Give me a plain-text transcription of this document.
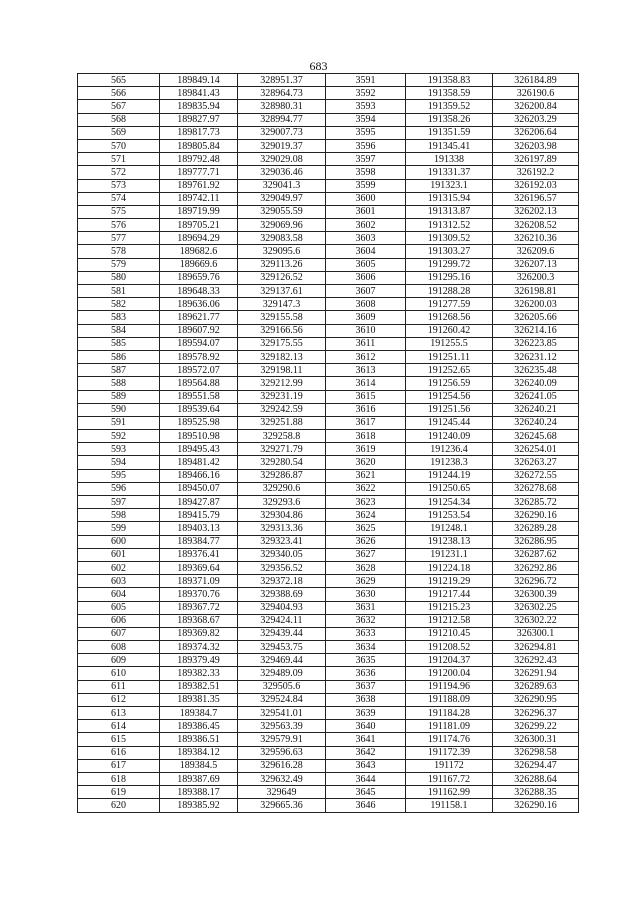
683
565	189849.14	328951.37	3591	191358.83	326184.89
566	189841.43	328964.73	3592	191358.59	326190.6
567	189835.94	328980.31	3593	191359.52	326200.84
568	189827.97	328994.77	3594	191358.26	326203.29
569	189817.73	329007.73	3595	191351.59	326206.64
570	189805.84	329019.37	3596	191345.41	326203.98
571	189792.48	329029.08	3597	191338	326197.89
572	189777.71	329036.46	3598	191331.37	326192.2
573	189761.92	329041.3	3599	191323.1	326192.03
574	189742.11	329049.97	3600	191315.94	326196.57
575	189719.99	329055.59	3601	191313.87	326202.13
576	189705.21	329069.96	3602	191312.52	326208.52
577	189694.29	329083.58	3603	191309.52	326210.36
578	189682.6	329095.6	3604	191303.27	326209.6
579	189669.6	329113.26	3605	191299.72	326207.13
580	189659.76	329126.52	3606	191295.16	326200.3
581	189648.33	329137.61	3607	191288.28	326198.81
582	189636.06	329147.3	3608	191277.59	326200.03
583	189621.77	329155.58	3609	191268.56	326205.66
584	189607.92	329166.56	3610	191260.42	326214.16
585	189594.07	329175.55	3611	191255.5	326223.85
586	189578.92	329182.13	3612	191251.11	326231.12
587	189572.07	329198.11	3613	191252.65	326235.48
588	189564.88	329212.99	3614	191256.59	326240.09
589	189551.58	329231.19	3615	191254.56	326241.05
590	189539.64	329242.59	3616	191251.56	326240.21
591	189525.98	329251.88	3617	191245.44	326240.24
592	189510.98	329258.8	3618	191240.09	326245.68
593	189495.43	329271.79	3619	191236.4	326254.01
594	189481.42	329280.54	3620	191238.3	326263.27
595	189466.16	329286.87	3621	191244.19	326272.55
596	189450.07	329290.6	3622	191250.65	326278.68
597	189427.87	329293.6	3623	191254.34	326285.72
598	189415.79	329304.86	3624	191253.54	326290.16
599	189403.13	329313.36	3625	191248.1	326289.28
600	189384.77	329323.41	3626	191238.13	326286.95
601	189376.41	329340.05	3627	191231.1	326287.62
602	189369.64	329356.52	3628	191224.18	326292.86
603	189371.09	329372.18	3629	191219.29	326296.72
604	189370.76	329388.69	3630	191217.44	326300.39
605	189367.72	329404.93	3631	191215.23	326302.25
606	189368.67	329424.11	3632	191212.58	326302.22
607	189369.82	329439.44	3633	191210.45	326300.1
608	189374.32	329453.75	3634	191208.52	326294.81
609	189379.49	329469.44	3635	191204.37	326292.43
610	189382.33	329489.09	3636	191200.04	326291.94
611	189382.51	329505.6	3637	191194.96	326289.63
612	189381.35	329524.84	3638	191188.09	326290.95
613	189384.7	329541.01	3639	191184.28	326296.37
614	189386.45	329563.39	3640	191181.09	326299.22
615	189386.51	329579.91	3641	191174.76	326300.31
616	189384.12	329596.63	3642	191172.39	326298.58
617	189384.5	329616.28	3643	191172	326294.47
618	189387.69	329632.49	3644	191167.72	326288.64
619	189388.17	329649	3645	191162.99	326288.35
620	189385.92	329665.36	3646	191158.1	326290.16
